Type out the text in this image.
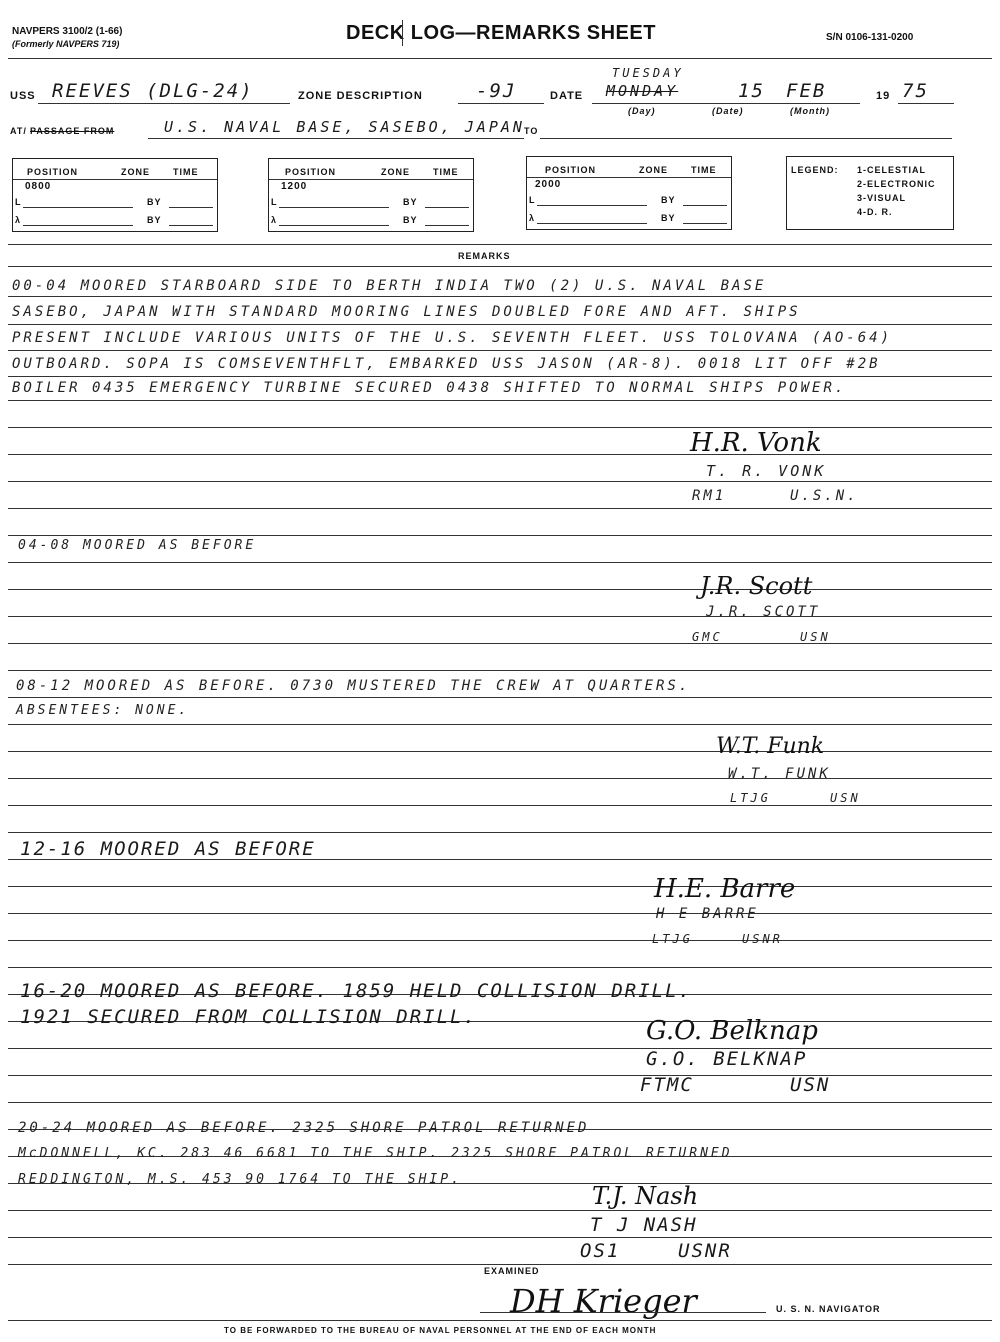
NAVPERS 3100/2 (1-66)
(Formerly NAVPERS 719)	DECK LOG—REMARKS SHEET	S/N 0106-131-0200
USS REEVES (DLG-24)	ZONE DESCRIPTION	-9J	DATE
TUESDAY
MONDAY	15 FEB	19 75
(Day)	(Date)	(Month)
AT/ PASSAGE FROM	U.S. NAVAL BASE, SASEBO, JAPAN TO
POSITION	ZONE	TIME
0800
L	BY
λ	BY
POSITION	ZONE	TIME
1200
L	BY
λ	BY
POSITION	ZONE	TIME
2000
L	BY
λ	BY
LEGEND: 1-CELESTIAL
2-ELECTRONIC
3-VISUAL
4-D. R.
REMARKS
00-04 MOORED STARBOARD SIDE TO BERTH INDIA TWO (2) U.S. NAVAL BASE
SASEBO, JAPAN WITH STANDARD MOORING LINES DOUBLED FORE AND AFT. SHIPS
PRESENT INCLUDE VARIOUS UNITS OF THE U.S. SEVENTH FLEET. USS TOLOVANA (AO-64)
OUTBOARD. SOPA IS COMSEVENTHFLT, EMBARKED USS JASON (AR-8). 0018 LIT OFF #2B
BOILER 0435 EMERGENCY TURBINE SECURED 0438 SHIFTED TO NORMAL SHIPS POWER.
H.R. Vonk
T. R. VONK
RM1	U.S.N.
04-08 MOORED AS BEFORE
J.R. Scott
J.R. SCOTT
GMC	USN
08-12 MOORED AS BEFORE. 0730 MUSTERED THE CREW AT QUARTERS.
ABSENTEES: NONE.
W.T. Funk
W.T. FUNK
LTJG	USN
12-16 MOORED AS BEFORE
H.E. Barre
H E BARRE
LTJG	USNR
16-20 MOORED AS BEFORE. 1859 HELD COLLISION DRILL.
1921 SECURED FROM COLLISION DRILL.	G.O. Belknap
G.O. BELKNAP
FTMC	USN
20-24 MOORED AS BEFORE. 2325 SHORE PATROL RETURNED
McDONNELL, KC. 283 46 6681 TO THE SHIP. 2325 SHORE PATROL RETURNED
REDDINGTON, M.S. 453 90 1764 TO THE SHIP.
T.J. Nash
T J NASH
OS1	USNR
EXAMINED
DH Krieger	U. S. N. NAVIGATOR
TO BE FORWARDED TO THE BUREAU OF NAVAL PERSONNEL AT THE END OF EACH MONTH
